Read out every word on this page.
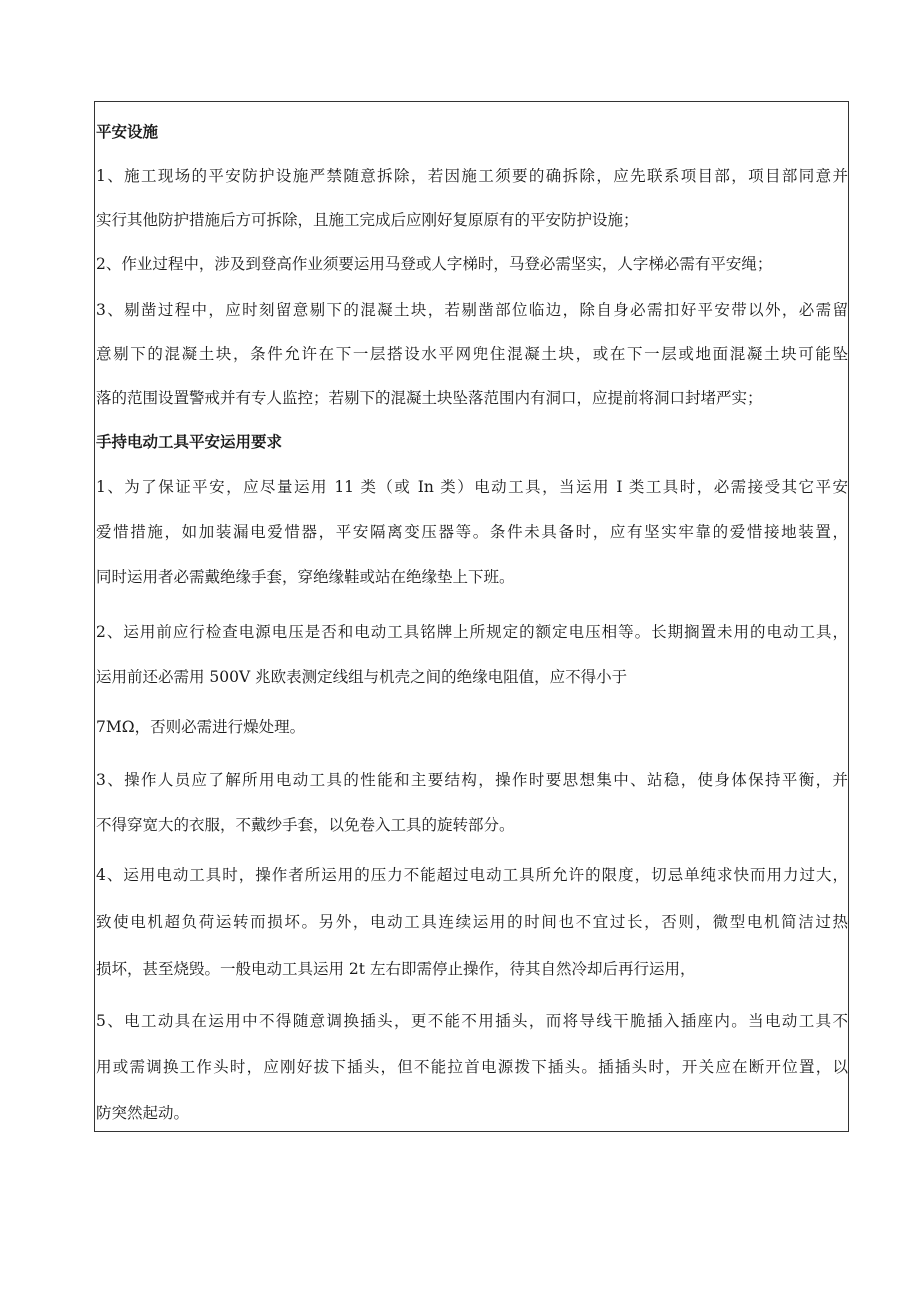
平安设施
1、施工现场的平安防护设施严禁随意拆除，若因施工须要的确拆除，应先联系项目部，项目部同意并
实行其他防护措施后方可拆除，且施工完成后应刚好复原原有的平安防护设施；
2、作业过程中，涉及到登高作业须要运用马登或人字梯时，马登必需坚实，人字梯必需有平安绳；
3、剔凿过程中，应时刻留意剔下的混凝土块，若剔凿部位临边，除自身必需扣好平安带以外，必需留
意剔下的混凝土块，条件允许在下一层搭设水平网兜住混凝土块，或在下一层或地面混凝土块可能坠
落的范围设置警戒并有专人监控；若剔下的混凝土块坠落范围内有洞口，应提前将洞口封堵严实；
手持电动工具平安运用要求
1、为了保证平安，应尽量运用 11 类（或 In 类）电动工具，当运用 I 类工具时，必需接受其它平安
爱惜措施，如加装漏电爱惜器，平安隔离变压器等。条件未具备时，应有坚实牢靠的爱惜接地装置，
同时运用者必需戴绝缘手套，穿绝缘鞋或站在绝缘垫上下班。
2、运用前应行检查电源电压是否和电动工具铭牌上所规定的额定电压相等。长期搁置未用的电动工具，
运用前还必需用 500V 兆欧表测定线组与机壳之间的绝缘电阻值，应不得小于
7MΩ，否则必需进行燥处理。
3、操作人员应了解所用电动工具的性能和主要结构，操作时要思想集中、站稳，使身体保持平衡，并
不得穿宽大的衣服，不戴纱手套，以免卷入工具的旋转部分。
4、运用电动工具时，操作者所运用的压力不能超过电动工具所允许的限度，切忌单纯求快而用力过大，
致使电机超负荷运转而损坏。另外，电动工具连续运用的时间也不宜过长，否则，微型电机简洁过热
损坏，甚至烧毁。一般电动工具运用 2t 左右即需停止操作，待其自然冷却后再行运用，
5、电工动具在运用中不得随意调换插头，更不能不用插头，而将导线干脆插入插座内。当电动工具不
用或需调换工作头时，应刚好拔下插头，但不能拉首电源拨下插头。插插头时，开关应在断开位置，以
防突然起动。
